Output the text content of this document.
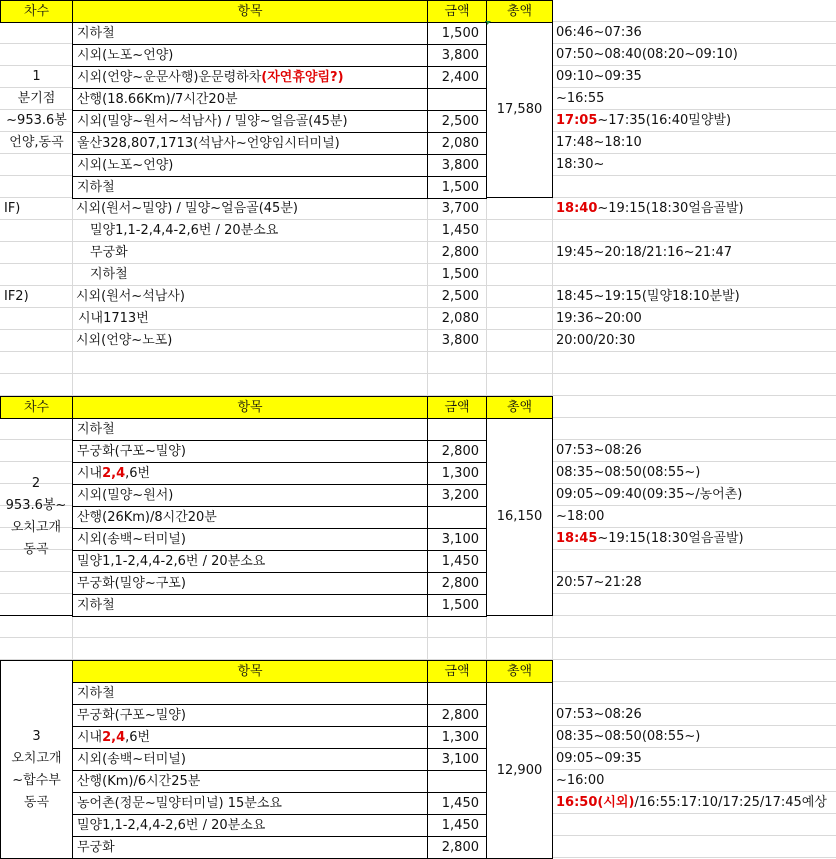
차수	항목	금액	총액
1
분기점
~953.6봉
언양,동곡
17,580
지하철	1,500	06:46~07:36
시외(노포~언양)	3,800	07:50~08:40(08:20~09:10)
시외(언양~운문사행)운문령하차(자연휴양림?)	2,400	09:10~09:35
산행(18.66Km)/7시간20분	~16:55
시외(밀양~원서~석남사) / 밀양~얼음골(45분)	2,500	17:05~17:35(16:40밀양발)
울산328,807,1713(석남사~언양임시터미널)	2,080	17:48~18:10
시외(노포~언양)	3,800	18:30~
지하철	1,500
IF)	시외(원서~밀양) / 밀양~얼음골(45분)	3,700	18:40~19:15(18:30얼음골발)
밀양1,1-2,4,4-2,6번 / 20분소요	1,450
무궁화	2,800	19:45~20:18/21:16~21:47
지하철	1,500
IF2)	시외(원서~석남사)	2,500	18:45~19:15(밀양18:10분발)
시내1713번	2,080	19:36~20:00
시외(언양~노포)	3,800	20:00/20:30
차수	항목	금액	총액
2
953.6봉~
오치고개
동곡
16,150
지하철
무궁화(구포~밀양)	2,800	07:53~08:26
시내2,4,6번	1,300	08:35~08:50(08:55~)
시외(밀양~원서)	3,200	09:05~09:40(09:35~/농어촌)
산행(26Km)/8시간20분	~18:00
시외(송백~터미널)	3,100	18:45~19:15(18:30얼음골발)
밀양1,1-2,4,4-2,6번 / 20분소요	1,450
무궁화(밀양~구포)	2,800	20:57~21:28
지하철	1,500
항목	금액	총액
3
오치고개
~합수부
동곡
12,900
지하철
무궁화(구포~밀양)	2,800	07:53~08:26
시내2,4,6번	1,300	08:35~08:50(08:55~)
시외(송백~터미널)	3,100	09:05~09:35
산행(Km)/6시간25분	~16:00
농어촌(정문~밀양터미널) 15분소요	1,450	16:50(시외)/16:55:17:10/17:25/17:45예상
밀양1,1-2,4,4-2,6번 / 20분소요	1,450
무궁화	2,800
